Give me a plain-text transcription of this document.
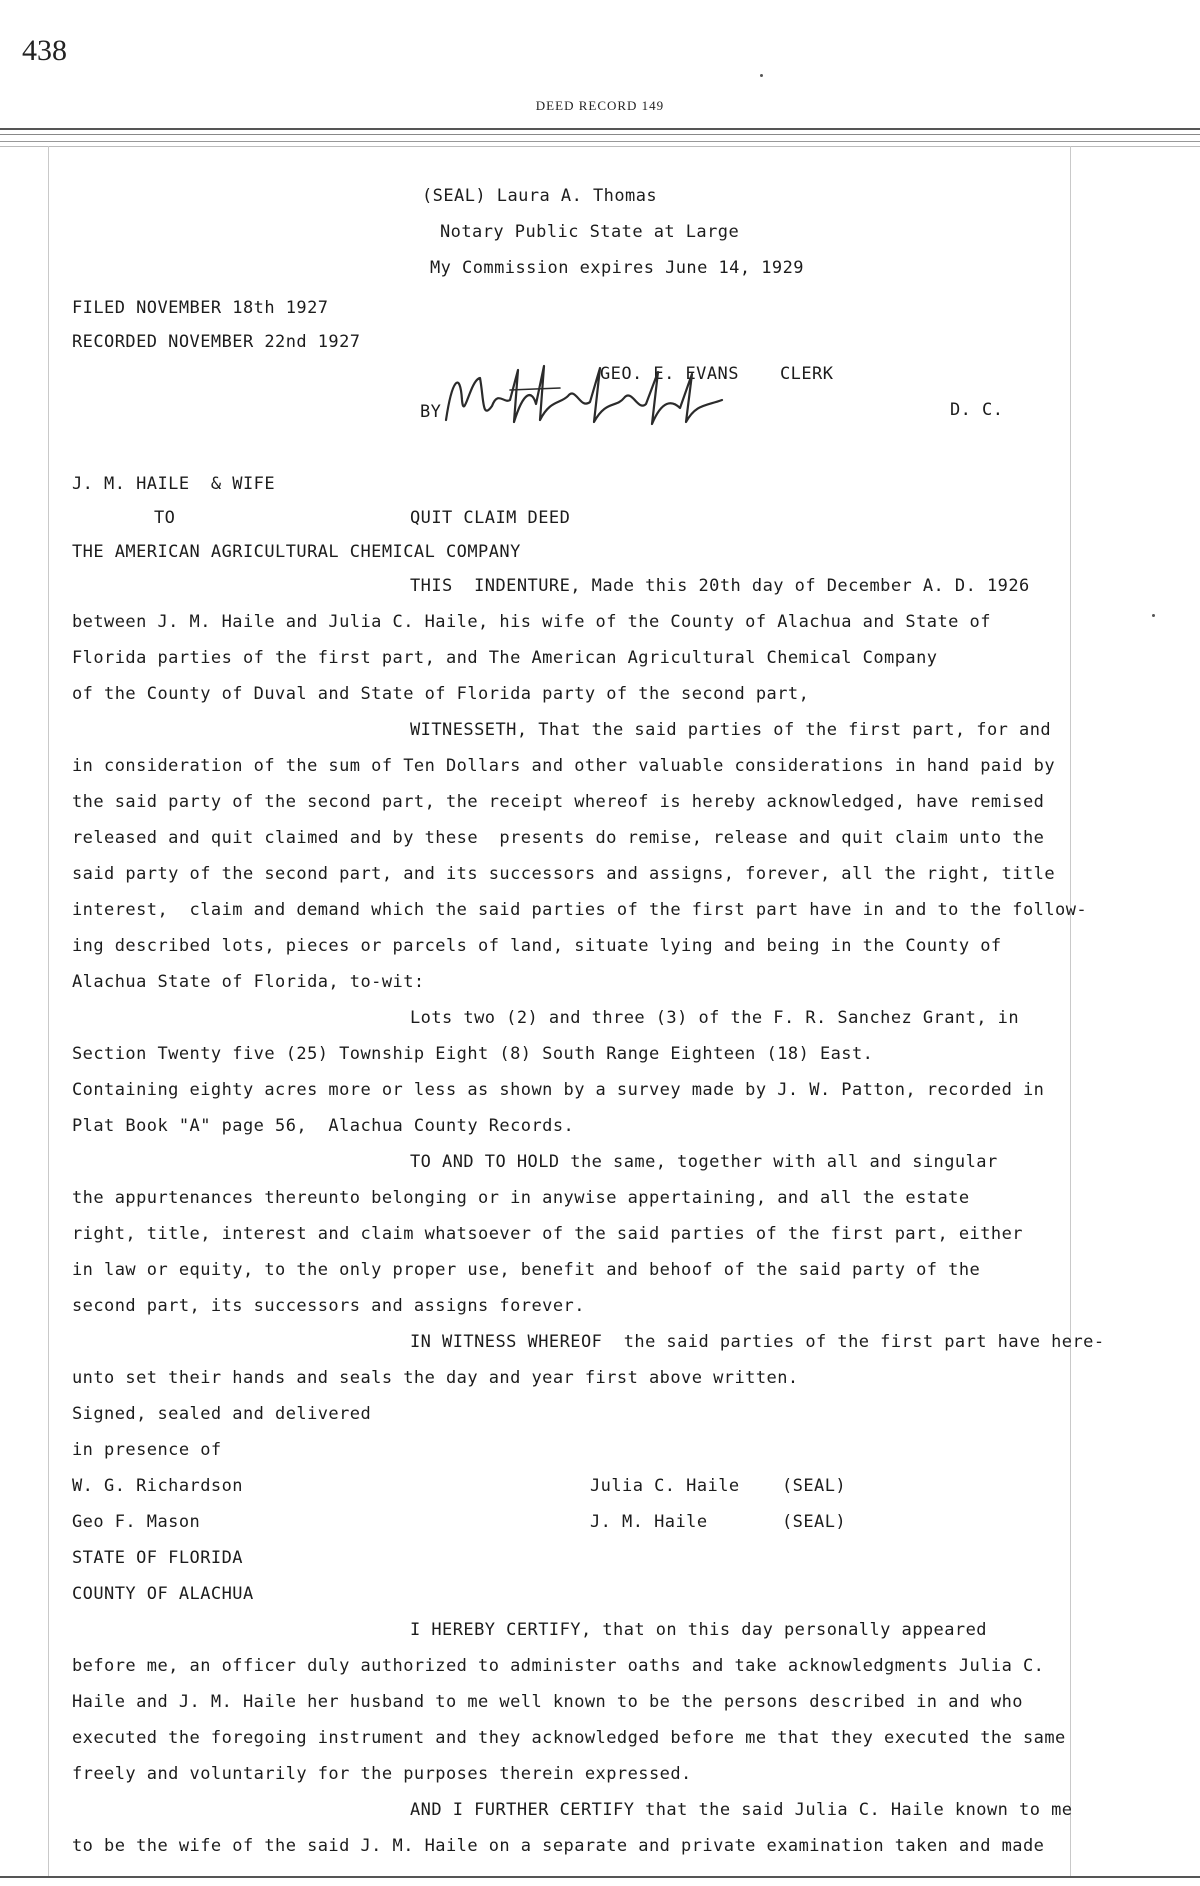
438
DEED RECORD 149
(SEAL) Laura A. Thomas
Notary Public State at Large
My Commission expires June 14, 1929
FILED NOVEMBER 18th 1927
RECORDED NOVEMBER 22nd 1927
GEO. E. EVANS CLERK
BY	D. C.
J. M. HAILE  & WIFE
TO	QUIT CLAIM DEED
THE AMERICAN AGRICULTURAL CHEMICAL COMPANY
THIS  INDENTURE, Made this 20th day of December A. D. 1926
between J. M. Haile and Julia C. Haile, his wife of the County of Alachua and State of
Florida parties of the first part, and The American Agricultural Chemical Company
of the County of Duval and State of Florida party of the second part,
WITNESSETH, That the said parties of the first part, for and
in consideration of the sum of Ten Dollars and other valuable considerations in hand paid by
the said party of the second part, the receipt whereof is hereby acknowledged, have remised
released and quit claimed and by these  presents do remise, release and quit claim unto the
said party of the second part, and its successors and assigns, forever, all the right, title
interest,  claim and demand which the said parties of the first part have in and to the follow-
ing described lots, pieces or parcels of land, situate lying and being in the County of
Alachua State of Florida, to-wit:
Lots two (2) and three (3) of the F. R. Sanchez Grant, in
Section Twenty five (25) Township Eight (8) South Range Eighteen (18) East.
Containing eighty acres more or less as shown by a survey made by J. W. Patton, recorded in
Plat Book "A" page 56,  Alachua County Records.
TO AND TO HOLD the same, together with all and singular
the appurtenances thereunto belonging or in anywise appertaining, and all the estate
right, title, interest and claim whatsoever of the said parties of the first part, either
in law or equity, to the only proper use, benefit and behoof of the said party of the
second part, its successors and assigns forever.
IN WITNESS WHEREOF  the said parties of the first part have here-
unto set their hands and seals the day and year first above written.
Signed, sealed and delivered
in presence of
W. G. Richardson	Julia C. Haile (SEAL)
Geo F. Mason	J. M. Haile	(SEAL)
STATE OF FLORIDA
COUNTY OF ALACHUA
I HEREBY CERTIFY, that on this day personally appeared
before me, an officer duly authorized to administer oaths and take acknowledgments Julia C.
Haile and J. M. Haile her husband to me well known to be the persons described in and who
executed the foregoing instrument and they acknowledged before me that they executed the same
freely and voluntarily for the purposes therein expressed.
AND I FURTHER CERTIFY that the said Julia C. Haile known to me
to be the wife of the said J. M. Haile on a separate and private examination taken and made
